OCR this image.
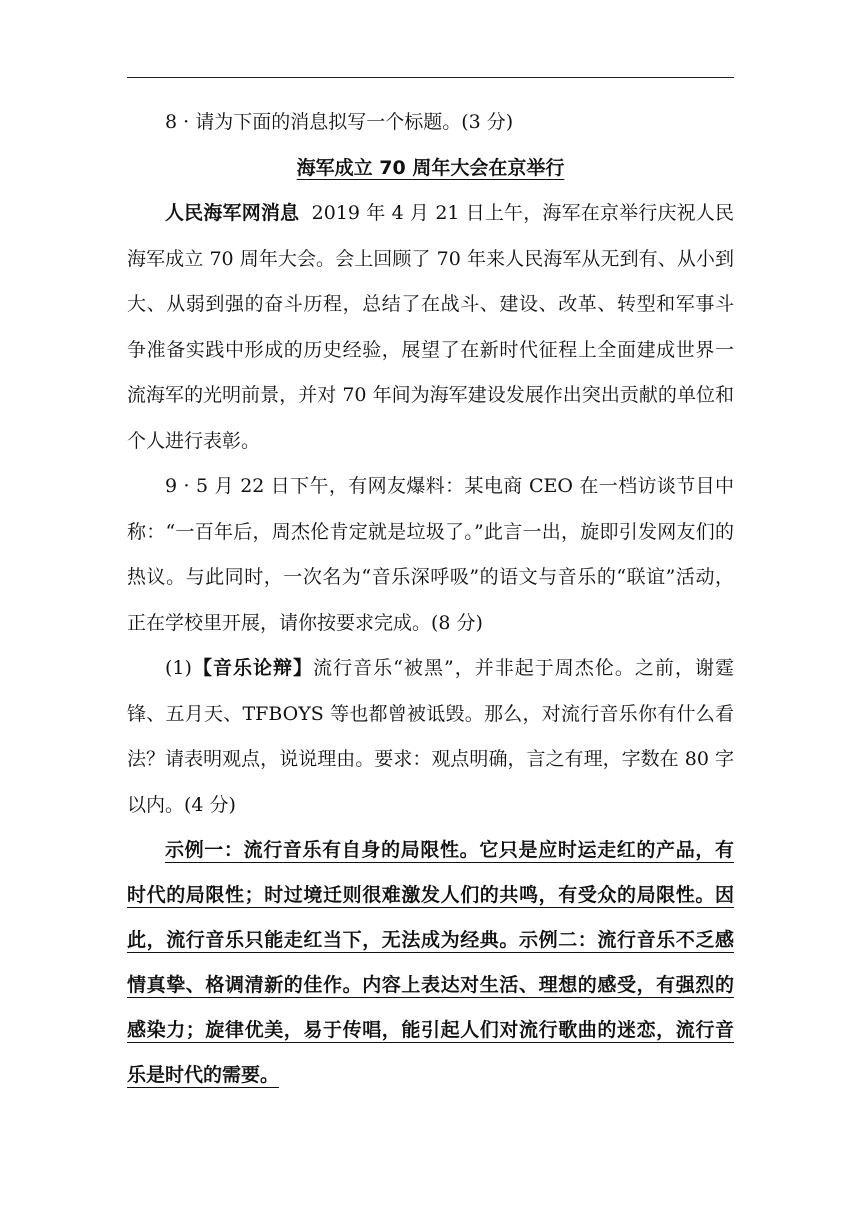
8 · 请为下面的消息拟写一个标题。(3 分)

海军成立 70 周年大会在京举行

人民海军网消息 2019 年 4 月 21 日上午，海军在京举行庆祝人民海军成立 70 周年大会。会上回顾了 70 年来人民海军从无到有、从小到大、从弱到强的奋斗历程，总结了在战斗、建设、改革、转型和军事斗争准备实践中形成的历史经验，展望了在新时代征程上全面建成世界一流海军的光明前景，并对 70 年间为海军建设发展作出突出贡献的单位和个人进行表彰。

9 · 5 月 22 日下午，有网友爆料：某电商 CEO 在一档访谈节目中称：“一百年后，周杰伦肯定就是垃圾了。”此言一出，旋即引发网友们的热议。与此同时，一次名为“音乐深呼吸”的语文与音乐的“联谊”活动，正在学校里开展，请你按要求完成。(8 分)

(1)【音乐论辩】流行音乐“被黑”，并非起于周杰伦。之前，谢霆锋、五月天、TFBOYS 等也都曾被诋毁。那么，对流行音乐你有什么看法？请表明观点，说说理由。要求：观点明确，言之有理，字数在 80 字以内。(4 分)

示例一：流行音乐有自身的局限性。它只是应时运走红的产品，有时代的局限性；时过境迁则很难激发人们的共鸣，有受众的局限性。因此，流行音乐只能走红当下，无法成为经典。示例二：流行音乐不乏感情真挚、格调清新的佳作。内容上表达对生活、理想的感受，有强烈的感染力；旋律优美，易于传唱，能引起人们对流行歌曲的迷恋，流行音乐是时代的需要。
